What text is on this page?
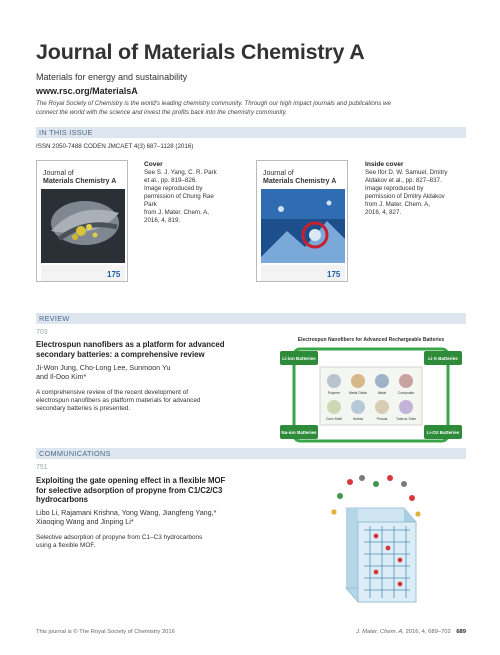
Journal of Materials Chemistry A
Materials for energy and sustainability
www.rsc.org/MaterialsA
The Royal Society of Chemistry is the world's leading chemistry community. Through our high impact journals and publications we
connect the world with the science and invest the profits back into the chemistry community.
IN THIS ISSUE
ISSN 2050-7488 CODEN JMCAET 4(3) 687–1128 (2016)
Journal of
Materials Chemistry A
175
Cover
See S. J. Yang, C. R. Park
et al., pp. 819–826.
Image reproduced by
permission of Chung Rae Park
from J. Mater. Chem. A,
2016, 4, 819.
Journal of
Materials Chemistry A
175
Inside cover
See Ifor D. W. Samuel, Dmitry
Aldakov et al., pp. 827–837.
Image reproduced by
permission of Dmitry Aldakov
from J. Mater. Chem. A,
2016, 4, 827.
REVIEW
703
Electrospun nanofibers as a platform for advanced
secondary batteries: a comprehensive review
Ji-Won Jung, Cho-Long Lee, Sunmoon Yu
and Il-Doo Kim*
A comprehensive review of the recent development of
electrospun nanofibers as platform materials for advanced
secondary batteries is presented.
Electrospun Nanofibers for Advanced Rechargeable Batteries
Li-ion Batteries	Li-S Batteries
Na-ion Batteries	Li-O2 Batteries
Polymer	Metal Oxide	Metal	Composite
Core-Shell	Hollow	Porous	Tube-in-Tube
COMMUNICATIONS
751
Exploiting the gate opening effect in a flexible MOF
for selective adsorption of propyne from C1/C2/C3
hydrocarbons
Libo Li, Rajamani Krishna, Yong Wang, Jiangfeng Yang,*
Xiaoqing Wang and Jinping Li*
Selective adsorption of propyne from C1–C3 hydrocarbons
using a flexible MOF.
This journal is © The Royal Society of Chemistry 2016	J. Mater. Chem. A, 2016, 4, 689–702 689
